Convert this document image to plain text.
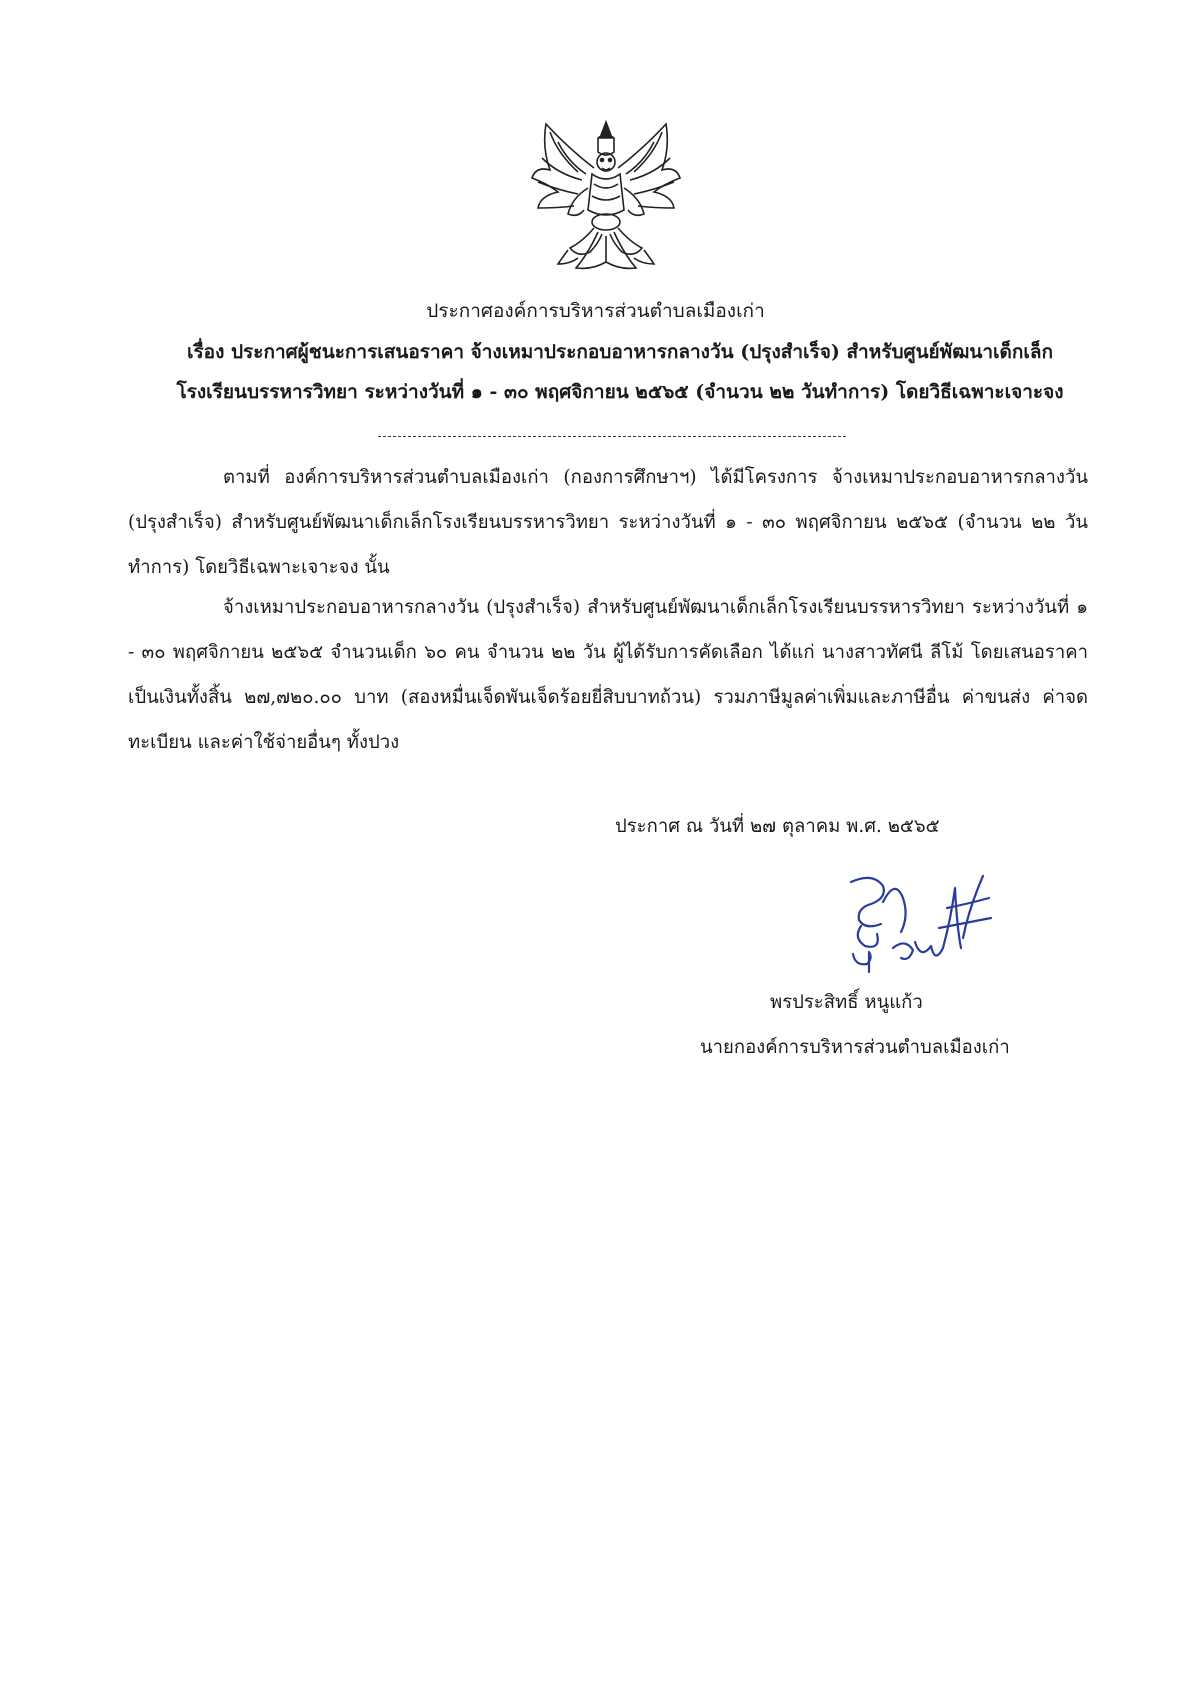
ประกาศองค์การบริหารส่วนตำบลเมืองเก่า
เรื่อง ประกาศผู้ชนะการเสนอราคา จ้างเหมาประกอบอาหารกลางวัน (ปรุงสำเร็จ) สำหรับศูนย์พัฒนาเด็กเล็ก
โรงเรียนบรรหารวิทยา ระหว่างวันที่ ๑ - ๓๐ พฤศจิกายน ๒๕๖๕ (จำนวน ๒๒ วันทำการ) โดยวิธีเฉพาะเจาะจง
ตามที่ องค์การบริหารส่วนตำบลเมืองเก่า (กองการศึกษาฯ) ได้มีโครงการ จ้างเหมาประกอบอาหารกลางวัน (ปรุงสำเร็จ) สำหรับศูนย์พัฒนาเด็กเล็กโรงเรียนบรรหารวิทยา ระหว่างวันที่ ๑ - ๓๐ พฤศจิกายน ๒๕๖๕ (จำนวน ๒๒ วันทำการ) โดยวิธีเฉพาะเจาะจง นั้น
จ้างเหมาประกอบอาหารกลางวัน (ปรุงสำเร็จ) สำหรับศูนย์พัฒนาเด็กเล็กโรงเรียนบรรหารวิทยา ระหว่างวันที่ ๑ - ๓๐ พฤศจิกายน ๒๕๖๕ จำนวนเด็ก ๖๐ คน จำนวน ๒๒ วัน ผู้ได้รับการคัดเลือก ได้แก่ นางสาวทัศนี ลีโม้ โดยเสนอราคา เป็นเงินทั้งสิ้น ๒๗,๗๒๐.๐๐ บาท (สองหมื่นเจ็ดพันเจ็ดร้อยยี่สิบบาทถ้วน) รวมภาษีมูลค่าเพิ่มและภาษีอื่น ค่าขนส่ง ค่าจดทะเบียน และค่าใช้จ่ายอื่นๆ ทั้งปวง
ประกาศ ณ วันที่ ๒๗ ตุลาคม พ.ศ. ๒๕๖๕
พรประสิทธิ์ หนูแก้ว
นายกองค์การบริหารส่วนตำบลเมืองเก่า
